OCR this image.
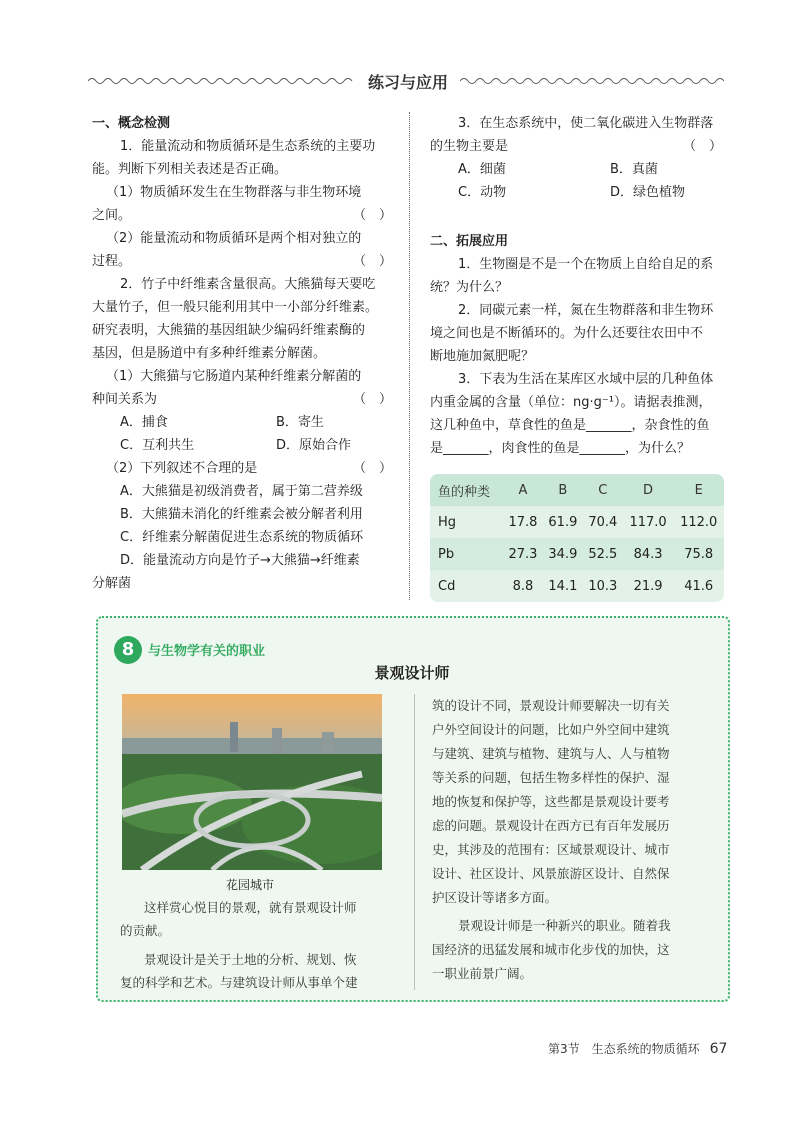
练习与应用
一、概念检测
1．能量流动和物质循环是生态系统的主要功
能。判断下列相关表述是否正确。
（1）物质循环发生在生物群落与非生物环境
之间。	（　）
（2）能量流动和物质循环是两个相对独立的
过程。	（　）
2．竹子中纤维素含量很高。大熊猫每天要吃
大量竹子，但一般只能利用其中一小部分纤维素。
研究表明，大熊猫的基因组缺少编码纤维素酶的
基因，但是肠道中有多种纤维素分解菌。
（1）大熊猫与它肠道内某种纤维素分解菌的
种间关系为	（　）
A．捕食	B．寄生
C．互利共生	D．原始合作
（2）下列叙述不合理的是	（　）
A．大熊猫是初级消费者，属于第二营养级
B．大熊猫未消化的纤维素会被分解者利用
C．纤维素分解菌促进生态系统的物质循环
D．能量流动方向是竹子→大熊猫→纤维素
分解菌
3．在生态系统中，使二氧化碳进入生物群落
的生物主要是	（　）
A．细菌	B．真菌
C．动物	D．绿色植物
二、拓展应用
1．生物圈是不是一个在物质上自给自足的系
统？为什么？
2．同碳元素一样，氮在生物群落和非生物环
境之间也是不断循环的。为什么还要往农田中不
断地施加氮肥呢？
3．下表为生活在某库区水域中层的几种鱼体
内重金属的含量（单位：ng·g⁻¹）。请据表推测，
这几种鱼中，草食性的鱼是_______，杂食性的鱼
是_______，肉食性的鱼是_______，为什么？
鱼的种类	A	B	C	D	E
Hg	17.8	61.9	70.4	117.0	112.0
Pb	27.3	34.9	52.5	84.3	75.8
Cd	8.8	14.1	10.3	21.9	41.6
8	与生物学有关的职业
景观设计师
花园城市
这样赏心悦目的景观，就有景观设计师
的贡献。
景观设计是关于土地的分析、规划、恢
复的科学和艺术。与建筑设计师从事单个建
筑的设计不同，景观设计师要解决一切有关
户外空间设计的问题，比如户外空间中建筑
与建筑、建筑与植物、建筑与人、人与植物
等关系的问题，包括生物多样性的保护、湿
地的恢复和保护等，这些都是景观设计要考
虑的问题。景观设计在西方已有百年发展历
史，其涉及的范围有：区域景观设计、城市
设计、社区设计、风景旅游区设计、自然保
护区设计等诸多方面。
景观设计师是一种新兴的职业。随着我
国经济的迅猛发展和城市化步伐的加快，这
一职业前景广阔。
第3节　生态系统的物质循环 67
